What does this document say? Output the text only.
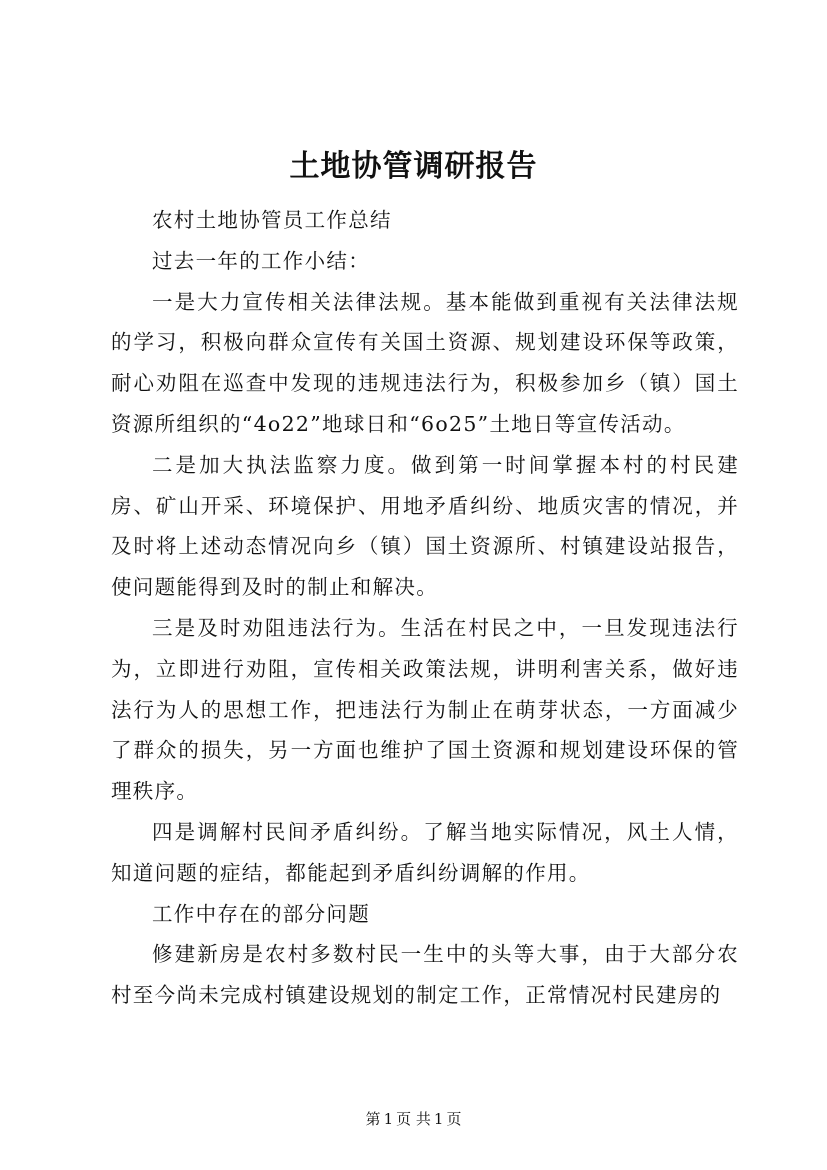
土地协管调研报告

农村土地协管员工作总结

过去一年的工作小结：

一是大力宣传相关法律法规。基本能做到重视有关法律法规的学习，积极向群众宣传有关国土资源、规划建设环保等政策，耐心劝阻在巡查中发现的违规违法行为，积极参加乡（镇）国土资源所组织的“4o22”地球日和“6o25”土地日等宣传活动。

二是加大执法监察力度。做到第一时间掌握本村的村民建房、矿山开采、环境保护、用地矛盾纠纷、地质灾害的情况，并及时将上述动态情况向乡（镇）国土资源所、村镇建设站报告，使问题能得到及时的制止和解决。

三是及时劝阻违法行为。生活在村民之中，一旦发现违法行为，立即进行劝阻，宣传相关政策法规，讲明利害关系，做好违法行为人的思想工作，把违法行为制止在萌芽状态，一方面减少了群众的损失，另一方面也维护了国土资源和规划建设环保的管理秩序。

四是调解村民间矛盾纠纷。了解当地实际情况，风土人情，知道问题的症结，都能起到矛盾纠纷调解的作用。

工作中存在的部分问题

修建新房是农村多数村民一生中的头等大事，由于大部分农村至今尚未完成村镇建设规划的制定工作，正常情况村民建房的

第 1 页 共 1 页
